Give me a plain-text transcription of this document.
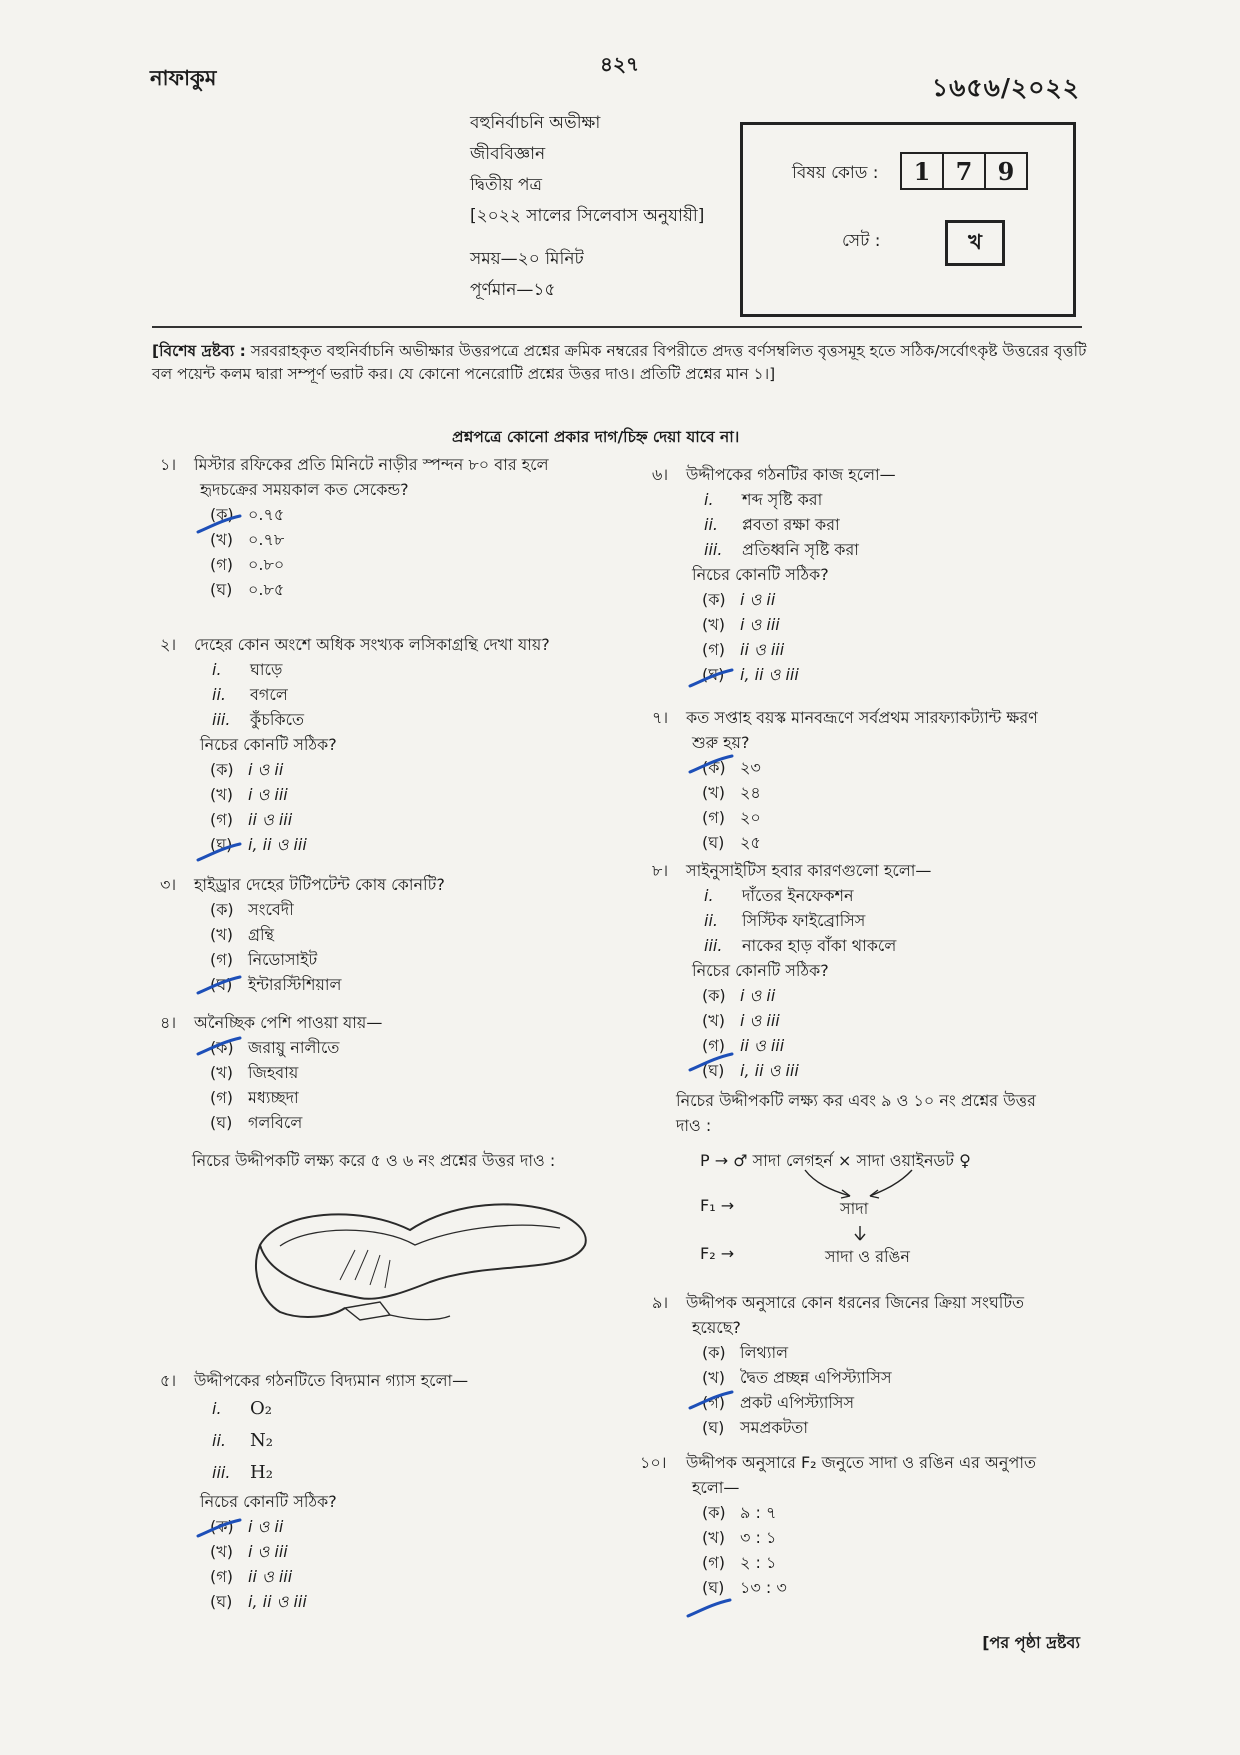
নাফাকুম
৪২৭
১৬৫৬/২০২২
বহুনির্বাচনি অভীক্ষা
জীববিজ্ঞান
দ্বিতীয় পত্র
[২০২২ সালের সিলেবাস অনুযায়ী]
সময়—২০ মিনিট
পূর্ণমান—১৫
বিষয় কোড :	1	7	9
সেট :	খ
[বিশেষ দ্রষ্টব্য : সরবরাহকৃত বহুনির্বাচনি অভীক্ষার উত্তরপত্রে প্রশ্নের ক্রমিক নম্বরের বিপরীতে প্রদত্ত বর্ণসম্বলিত বৃত্তসমূহ হতে সঠিক/সর্বোৎকৃষ্ট উত্তরের বৃত্তটি বল পয়েন্ট কলম দ্বারা সম্পূর্ণ ভরাট কর। যে কোনো পনেরোটি প্রশ্নের উত্তর দাও। প্রতিটি প্রশ্নের মান ১।]
প্রশ্নপত্রে কোনো প্রকার দাগ/চিহ্ন দেয়া যাবে না।
১। মিস্টার রফিকের প্রতি মিনিটে নাড়ীর স্পন্দন ৮০ বার হলে
হৃদচক্রের সময়কাল কত সেকেন্ড?
(ক) ০.৭৫
(খ) ০.৭৮
(গ) ০.৮০
(ঘ) ০.৮৫
২। দেহের কোন অংশে অধিক সংখ্যক লসিকাগ্রন্থি দেখা যায়?
i. ঘাড়ে
ii. বগলে
iii. কুঁচকিতে
নিচের কোনটি সঠিক?
(ক) i ও ii
(খ) i ও iii
(গ) ii ও iii
(ঘ) i, ii ও iii
৩। হাইড্রার দেহের টটিপটেন্ট কোষ কোনটি?
(ক) সংবেদী
(খ) গ্রন্থি
(গ) নিডোসাইট
(ঘ) ইন্টারস্টিশিয়াল
৪। অনৈচ্ছিক পেশি পাওয়া যায়—
(ক) জরায়ু নালীতে
(খ) জিহবায়
(গ) মধ্যচ্ছদা
(ঘ) গলবিলে
নিচের উদ্দীপকটি লক্ষ্য করে ৫ ও ৬ নং প্রশ্নের উত্তর দাও :
৫। উদ্দীপকের গঠনটিতে বিদ্যমান গ্যাস হলো—
i. O₂
ii. N₂
iii. H₂
নিচের কোনটি সঠিক?
(ক) i ও ii
(খ) i ও iii
(গ) ii ও iii
(ঘ) i, ii ও iii
৬। উদ্দীপকের গঠনটির কাজ হলো—
i. শব্দ সৃষ্টি করা
ii. প্লবতা রক্ষা করা
iii. প্রতিধ্বনি সৃষ্টি করা
নিচের কোনটি সঠিক?
(ক) i ও ii
(খ) i ও iii
(গ) ii ও iii
(ঘ) i, ii ও iii
৭। কত সপ্তাহ বয়স্ক মানবভ্রূণে সর্বপ্রথম সারফ্যাকট্যান্ট ক্ষরণ
শুরু হয়?
(ক) ২৩
(খ) ২৪
(গ) ২০
(ঘ) ২৫
৮। সাইনুসাইটিস হবার কারণগুলো হলো—
i. দাঁতের ইনফেকশন
ii. সিস্টিক ফাইব্রোসিস
iii. নাকের হাড় বাঁকা থাকলে
নিচের কোনটি সঠিক?
(ক) i ও ii
(খ) i ও iii
(গ) ii ও iii
(ঘ) i, ii ও iii
নিচের উদ্দীপকটি লক্ষ্য কর এবং ৯ ও ১০ নং প্রশ্নের উত্তর
দাও :
P → ♂ সাদা লেগহর্ন × সাদা ওয়াইনডট ♀
F₁ →	সাদা
F₂ →	সাদা ও রঙিন
৯। উদ্দীপক অনুসারে কোন ধরনের জিনের ক্রিয়া সংঘটিত
হয়েছে?
(ক) লিথ্যাল
(খ) দ্বৈত প্রচ্ছন্ন এপিস্ট্যাসিস
(গ) প্রকট এপিস্ট্যাসিস
(ঘ) সমপ্রকটতা
১০। উদ্দীপক অনুসারে F₂ জনুতে সাদা ও রঙিন এর অনুপাত
হলো—
(ক) ৯ : ৭
(খ) ৩ : ১
(গ) ২ : ১
(ঘ) ১৩ : ৩
[পর পৃষ্ঠা দ্রষ্টব্য
